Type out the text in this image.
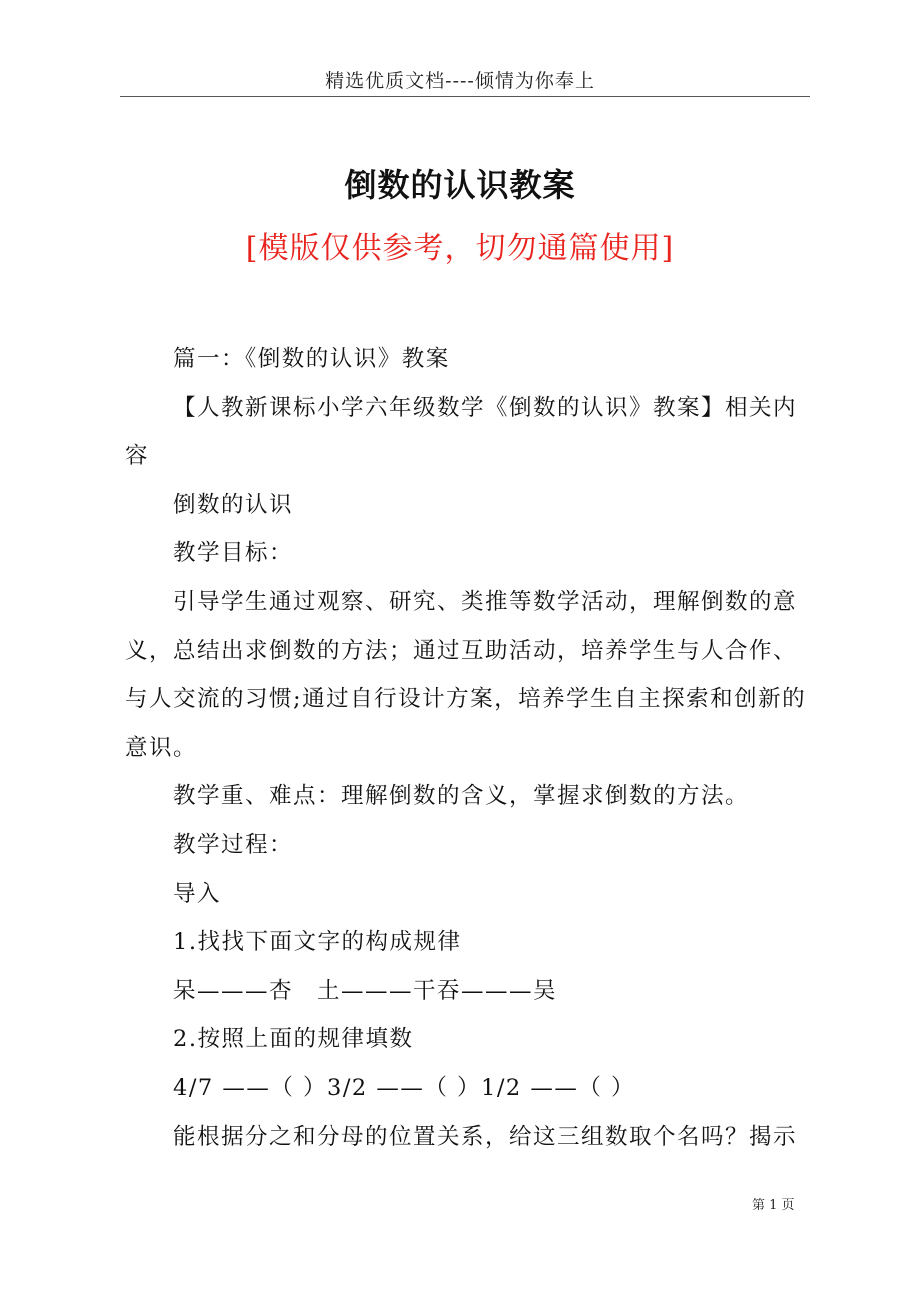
精选优质文档----倾情为你奉上
倒数的认识教案
[模版仅供参考，切勿通篇使用]

篇一：《倒数的认识》教案

【人教新课标小学六年级数学《倒数的认识》教案】相关内容

倒数的认识

教学目标：

引导学生通过观察、研究、类推等数学活动，理解倒数的意义，总结出求倒数的方法；通过互助活动，培养学生与人合作、与人交流的习惯;通过自行设计方案，培养学生自主探索和创新的意识。

教学重、难点：理解倒数的含义，掌握求倒数的方法。

教学过程：

导入

1.找找下面文字的构成规律

呆———杏　土———干吞———吴

2.按照上面的规律填数

4/7 ——（ ）3/2 ——（ ）1/2 ——（ ）

能根据分之和分母的位置关系，给这三组数取个名吗？揭示

第 1 页
